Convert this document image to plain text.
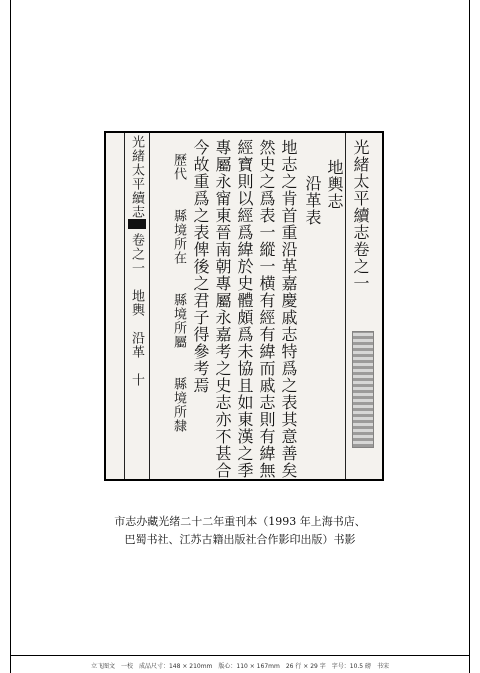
光緒太平續志卷之一
地輿志
沿革表
地志之肯首重沿革嘉慶戚志特爲之表其意善矣
然史之爲表一縱一横有經有緯而戚志則有緯無
經寶則以經爲緯於史體頗爲未協且如東漢之季
專屬永甯東晉南朝專屬永嘉考之史志亦不甚合
今故重爲之表俾後之君子得參考焉
歷代　　縣境所在　　縣境所屬　　縣境所隸
光緒太平續志　卷之一　地輿　沿革　十
市志办藏光绪二十二年重刊本（1993 年上海书店、
巴蜀书社、江苏古籍出版社合作影印出版）书影
立飞图文　一校　成品尺寸：148 × 210mm　版心：110 × 167mm　26 行 × 29 字　字号：10.5 磅　书宋
